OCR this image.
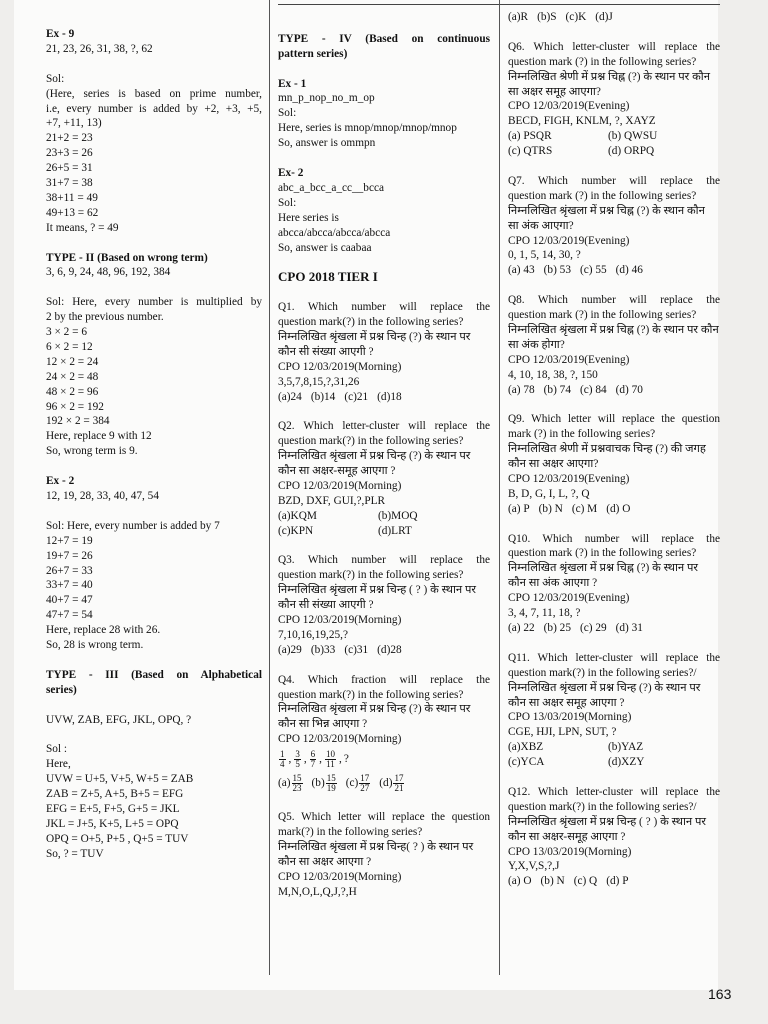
Ex - 9
21, 23, 26, 31, 38, ?, 62
Sol:
(Here, series is based on prime number,
i.e, every number is added by +2, +3, +5,
+7, +11, 13)
21+2 = 23
23+3 = 26
26+5 = 31
31+7 = 38
38+11 = 49
49+13 = 62
It means, ? = 49
TYPE - II (Based on wrong term)
3, 6, 9, 24, 48, 96, 192, 384
Sol: Here, every number is multiplied by
2 by the previous number.
3 × 2 = 6
6 × 2 = 12
12 × 2 = 24
24 × 2 = 48
48 × 2 = 96
96 × 2 = 192
192 × 2 = 384
Here, replace 9 with 12
So, wrong term is 9.
Ex - 2
12, 19, 28, 33, 40, 47, 54
Sol: Here, every number is added by 7
12+7 = 19
19+7 = 26
26+7 = 33
33+7 = 40
40+7 = 47
47+7 = 54
Here, replace 28 with 26.
So, 28 is wrong term.
TYPE - III (Based on Alphabetical
series)
UVW, ZAB, EFG, JKL, OPQ, ?
Sol :
Here,
UVW = U+5, V+5, W+5 = ZAB
ZAB = Z+5, A+5, B+5 = EFG
EFG = E+5, F+5, G+5 = JKL
JKL = J+5, K+5, L+5 = OPQ
OPQ = O+5, P+5 , Q+5 = TUV
So, ? = TUV
TYPE - IV (Based on continuous
pattern series)
Ex - 1
mn_p_nop_no_m_op
Sol:
Here, series is mnop/mnop/mnop/mnop
So, answer is ommpn
Ex- 2
abc_a_bcc_a_cc__bcca
Sol:
Here series is
abcca/abcca/abcca/abcca
So, answer is caabaa
CPO 2018 TIER I
Q1. Which number will replace the
question mark(?) in the following series?
निम्नलिखित श्रृंखला में प्रश्न चिन्ह (?) के स्थान पर
कौन सी संख्या आएगी ?
CPO 12/03/2019(Morning)
3,5,7,8,15,?,31,26
(a)24 (b)14 (c)21 (d)18
Q2. Which letter-cluster will replace the
question mark(?) in the following series?
निम्नलिखित श्रृंखला में प्रश्न चिन्ह (?) के स्थान पर
कौन सा अक्षर-समूह आएगा ?
CPO 12/03/2019(Morning)
BZD, DXF, GUI,?,PLR
(a)KQM	(b)MOQ
(c)KPN	(d)LRT
Q3. Which number will replace the
question mark(?) in the following series?
निम्नलिखित श्रृंखला में प्रश्न चिन्ह ( ? ) के स्थान पर
कौन सी संख्या आएगी ?
CPO 12/03/2019(Morning)
7,10,16,19,25,?
(a)29 (b)33 (c)31 (d)28
Q4. Which fraction will replace the
question mark(?) in the following series?
निम्नलिखित श्रृंखला में प्रश्न चिन्ह (?) के स्थान पर
कौन सा भिन्न आएगा ?
CPO 12/03/2019(Morning)
$\frac{1}{4}$ , $\frac{3}{5}$ , $\frac{6}{7}$ , $\frac{10}{11}$ , ?
$(a) \frac{15}{23} (b) \frac{15}{19} (c) \frac{17}{27} (d) \frac{17}{21}$
Q5. Which letter will replace the question
mark(?) in the following series?
निम्नलिखित श्रृंखला में प्रश्न चिन्ह( ? ) के स्थान पर
कौन सा अक्षर आएगा ?
CPO 12/03/2019(Morning)
M,N,O,L,Q,J,?,H
(a)R (b)S (c)K (d)J
Q6. Which letter-cluster will replace the
question mark (?) in the following series?
निम्नलिखित श्रेणी में प्रश्न चिह्न (?) के स्थान पर कौन
सा अक्षर समूह आएगा?
CPO 12/03/2019(Evening)
BECD, FIGH, KNLM, ?, XAYZ
(a) PSQR	(b) QWSU
(c) QTRS	(d) ORPQ
Q7. Which number will replace the
question mark (?) in the following series?
निम्नलिखित श्रृंखला में प्रश्न चिह्न (?) के स्थान कौन
सा अंक आएगा?
CPO 12/03/2019(Evening)
0, 1, 5, 14, 30, ?
(a) 43 (b) 53 (c) 55 (d) 46
Q8. Which number will replace the
question mark (?) in the following series?
निम्नलिखित श्रृंखला में प्रश्न चिह्न (?) के स्थान पर कौन
सा अंक होगा?
CPO 12/03/2019(Evening)
4, 10, 18, 38, ?, 150
(a) 78 (b) 74 (c) 84 (d) 70
Q9. Which letter will replace the question
mark (?) in the following series?
निम्नलिखित श्रेणी में प्रश्नवाचक चिन्ह (?) की जगह
कौन सा अक्षर आएगा?
CPO 12/03/2019(Evening)
B, D, G, I, L, ?, Q
(a) P (b) N (c) M (d) O
Q10. Which number will replace the
question mark (?) in the following series?
निम्नलिखित श्रृंखला में प्रश्न चिह्न (?) के स्थान पर
कौन सा अंक आएगा ?
CPO 12/03/2019(Evening)
3, 4, 7, 11, 18, ?
(a) 22 (b) 25 (c) 29 (d) 31
Q11. Which letter-cluster will replace the
question mark(?) in the following series?/
निम्नलिखित श्रृंखला में प्रश्न चिन्ह (?) के स्थान पर
कौन सा अक्षर समूह आएगा ?
CPO 13/03/2019(Morning)
CGE, HJI, LPN, SUT, ?
(a)XBZ	(b)YAZ
(c)YCA	(d)XZY
Q12. Which letter-cluster will replace the
question mark(?) in the following series?/
निम्नलिखित श्रृंखला में प्रश्न चिन्ह ( ? ) के स्थान पर
कौन सा अक्षर-समूह आएगा ?
CPO 13/03/2019(Morning)
Y,X,V,S,?,J
(a) O (b) N (c) Q (d) P
163
